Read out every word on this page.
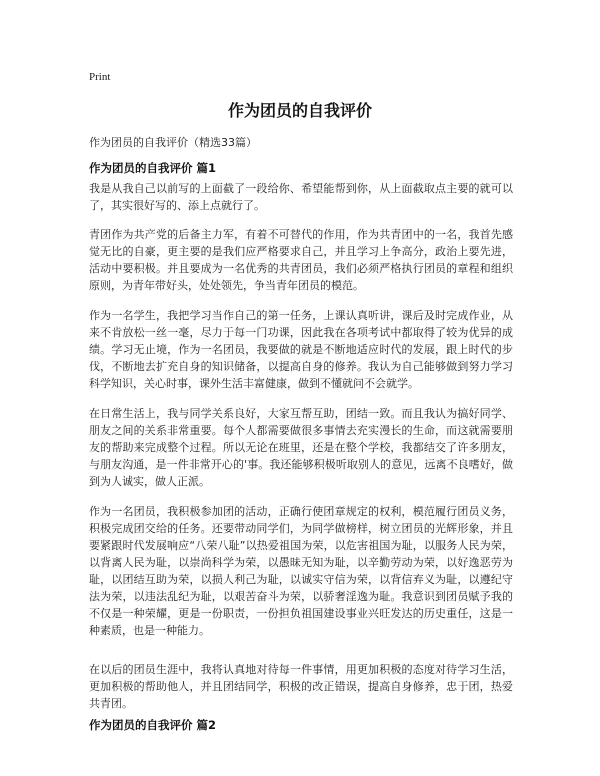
Print
作为团员的自我评价
作为团员的自我评价（精选33篇）
作为团员的自我评价 篇1
我是从我自己以前写的上面截了一段给你、希望能帮到你，从上面截取点主要的就可以了，其实很好写的、添上点就行了。
青团作为共产党的后备主力军，有着不可替代的作用，作为共青团中的一名，我首先感觉无比的自豪，更主要的是我们应严格要求自己，并且学习上争高分，政治上要先进，活动中要积极。并且要成为一名优秀的共青团员，我们必须严格执行团员的章程和组织原则，为青年带好头，处处领先，争当青年团员的模范。
作为一名学生，我把学习当作自己的第一任务，上课认真听讲，课后及时完成作业，从来不肯放松一丝一毫，尽力于每一门功课，因此我在各项考试中都取得了较为优异的成绩。学习无止境，作为一名团员，我要做的就是不断地适应时代的发展，跟上时代的步伐，不断地去扩充自身的知识储备，以提高自身的修养。我认为自己能够做到努力学习科学知识，关心时事，课外生活丰富健康，做到不懂就问不会就学。
在日常生活上，我与同学关系良好，大家互帮互助，团结一致。而且我认为搞好同学、朋友之间的关系非常重要。每个人都需要做很多事情去充实漫长的生命，而这就需要朋友的帮助来完成整个过程。所以无论在班里，还是在整个学校，我都结交了许多朋友，与朋友沟通，是一件非常开心的'事。我还能够积极听取别人的意见，远离不良嗜好，做到为人诚实，做人正派。
作为一名团员，我积极参加团的活动，正确行使团章规定的权利，模范履行团员义务，积极完成团交给的任务。还要带动同学们，为同学做榜样，树立团员的光辉形象，并且要紧跟时代发展响应“八荣八耻”以热爱祖国为荣，以危害祖国为耻，以服务人民为荣，以背离人民为耻，以崇尚科学为荣，以愚昧无知为耻，以辛勤劳动为荣，以好逸恶劳为耻，以团结互助为荣，以损人利己为耻，以诚实守信为荣，以背信弃义为耻，以遵纪守法为荣，以违法乱纪为耻，以艰苦奋斗为荣，以骄奢淫逸为耻。我意识到团员赋予我的不仅是一种荣耀，更是一份职责，一份担负祖国建设事业兴旺发达的历史重任，这是一种素质，也是一种能力。
在以后的团员生涯中，我将认真地对待每一件事情，用更加积极的态度对待学习生活，更加积极的帮助他人，并且团结同学，积极的改正错误，提高自身修养，忠于团，热爱共青团。
作为团员的自我评价 篇2
